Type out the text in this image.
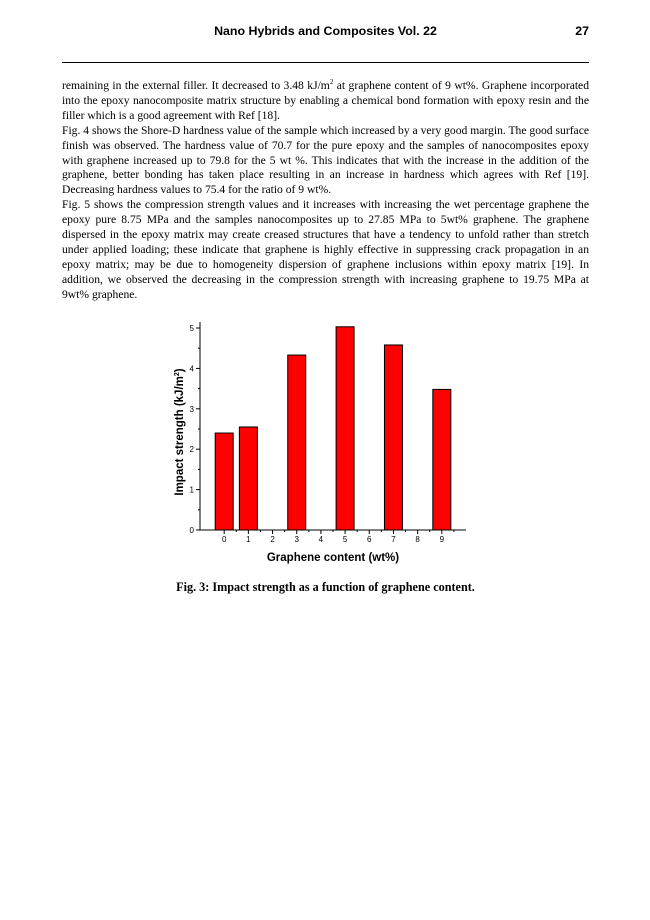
Nano Hybrids and Composites Vol. 22	27

remaining in the external filler. It decreased to 3.48 $kJ/m^2$ at graphene content of 9 wt%. Graphene incorporated into the epoxy nanocomposite matrix structure by enabling a chemical bond formation with epoxy resin and the filler which is a good agreement with Ref [18].

Fig. 4 shows the Shore-D hardness value of the sample which increased by a very good margin. The good surface finish was observed. The hardness value of 70.7 for the pure epoxy and the samples of nanocomposites epoxy with graphene increased up to 79.8 for the 5 wt %. This indicates that with the increase in the addition of the graphene, better bonding has taken place resulting in an increase in hardness which agrees with Ref [19]. Decreasing hardness values to 75.4 for the ratio of 9 wt%.

Fig. 5 shows the compression strength values and it increases with increasing the wet percentage graphene the epoxy pure 8.75 MPa and the samples nanocomposites up to 27.85 MPa to 5wt% graphene. The graphene dispersed in the epoxy matrix may create creased structures that have a tendency to unfold rather than stretch under applied loading; these indicate that graphene is highly effective in suppressing crack propagation in an epoxy matrix; may be due to homogeneity dispersion of graphene inclusions within epoxy matrix [19]. In addition, we observed the decreasing in the compression strength with increasing graphene to 19.75 MPa at 9wt% graphene.

0
1
2
3
4
5
0 1 2 3 4 5 6 7 8 9
Graphene content (wt%)
Impact strength $(kJ/m^2)$
Fig. 3: Impact strength as a function of graphene content.
